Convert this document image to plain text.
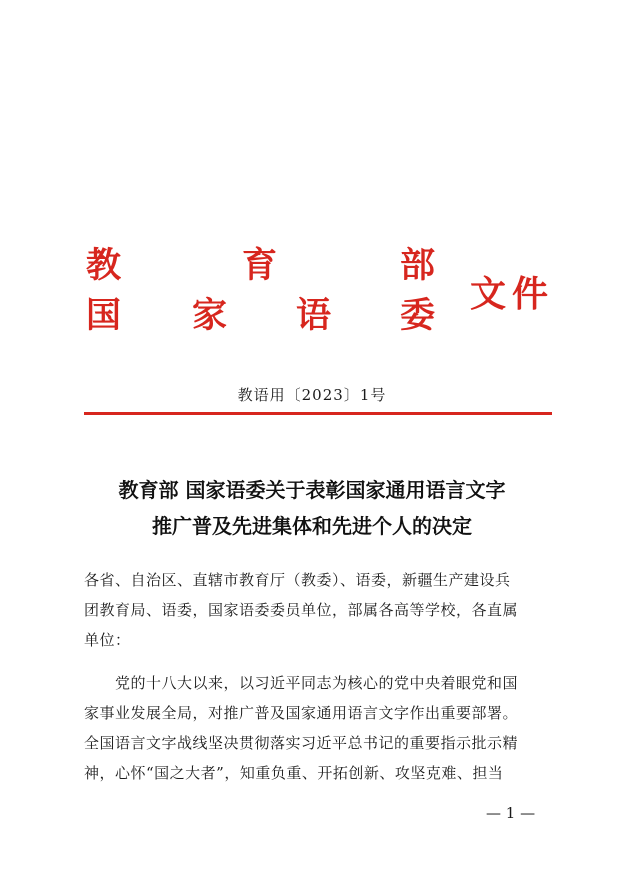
教	育	部
国 家 语 委
文件
教语用〔2023〕1号
教育部 国家语委关于表彰国家通用语言文字
推广普及先进集体和先进个人的决定
各省、自治区、直辖市教育厅（教委）、语委，新疆生产建设兵
团教育局、语委，国家语委委员单位，部属各高等学校，各直属
单位：
　　党的十八大以来，以习近平同志为核心的党中央着眼党和国
家事业发展全局，对推广普及国家通用语言文字作出重要部署。
全国语言文字战线坚决贯彻落实习近平总书记的重要指示批示精
神，心怀“国之大者”，知重负重、开拓创新、攻坚克难、担当
— 1 —
